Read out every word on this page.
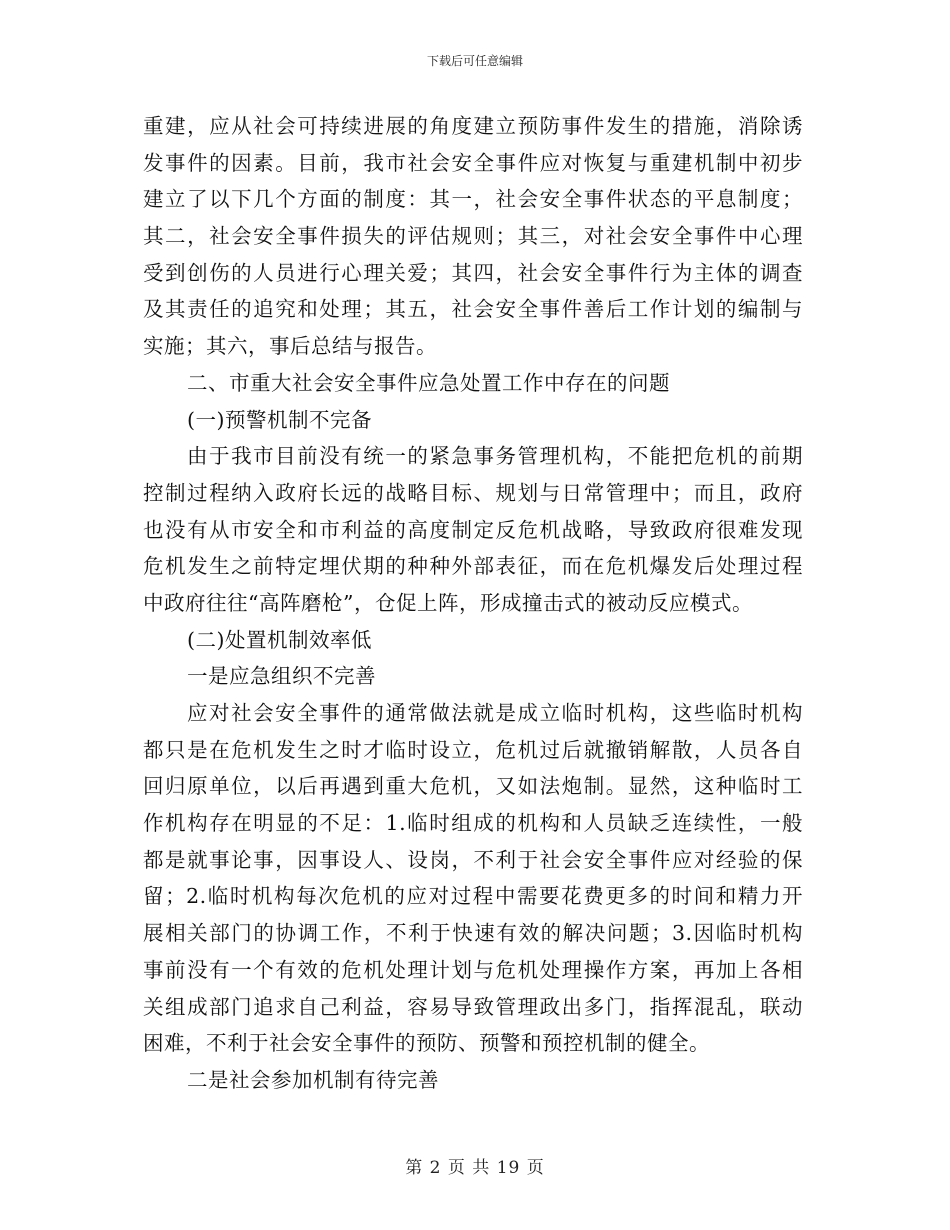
下载后可任意编辑
重建，应从社会可持续进展的角度建立预防事件发生的措施，消除诱
发事件的因素。目前，我市社会安全事件应对恢复与重建机制中初步
建立了以下几个方面的制度：其一，社会安全事件状态的平息制度；
其二，社会安全事件损失的评估规则；其三，对社会安全事件中心理
受到创伤的人员进行心理关爱；其四，社会安全事件行为主体的调查
及其责任的追究和处理；其五，社会安全事件善后工作计划的编制与
实施；其六，事后总结与报告。
二、市重大社会安全事件应急处置工作中存在的问题
(一)预警机制不完备
由于我市目前没有统一的紧急事务管理机构，不能把危机的前期
控制过程纳入政府长远的战略目标、规划与日常管理中；而且，政府
也没有从市安全和市利益的高度制定反危机战略，导致政府很难发现
危机发生之前特定埋伏期的种种外部表征，而在危机爆发后处理过程
中政府往往“高阵磨枪”，仓促上阵，形成撞击式的被动反应模式。
(二)处置机制效率低
一是应急组织不完善
应对社会安全事件的通常做法就是成立临时机构，这些临时机构
都只是在危机发生之时才临时设立，危机过后就撤销解散，人员各自
回归原单位，以后再遇到重大危机，又如法炮制。显然，这种临时工
作机构存在明显的不足：1.临时组成的机构和人员缺乏连续性，一般
都是就事论事，因事设人、设岗，不利于社会安全事件应对经验的保
留；2.临时机构每次危机的应对过程中需要花费更多的时间和精力开
展相关部门的协调工作，不利于快速有效的解决问题；3.因临时机构
事前没有一个有效的危机处理计划与危机处理操作方案，再加上各相
关组成部门追求自己利益，容易导致管理政出多门，指挥混乱，联动
困难，不利于社会安全事件的预防、预警和预控机制的健全。
二是社会参加机制有待完善
第 2 页 共 19 页
